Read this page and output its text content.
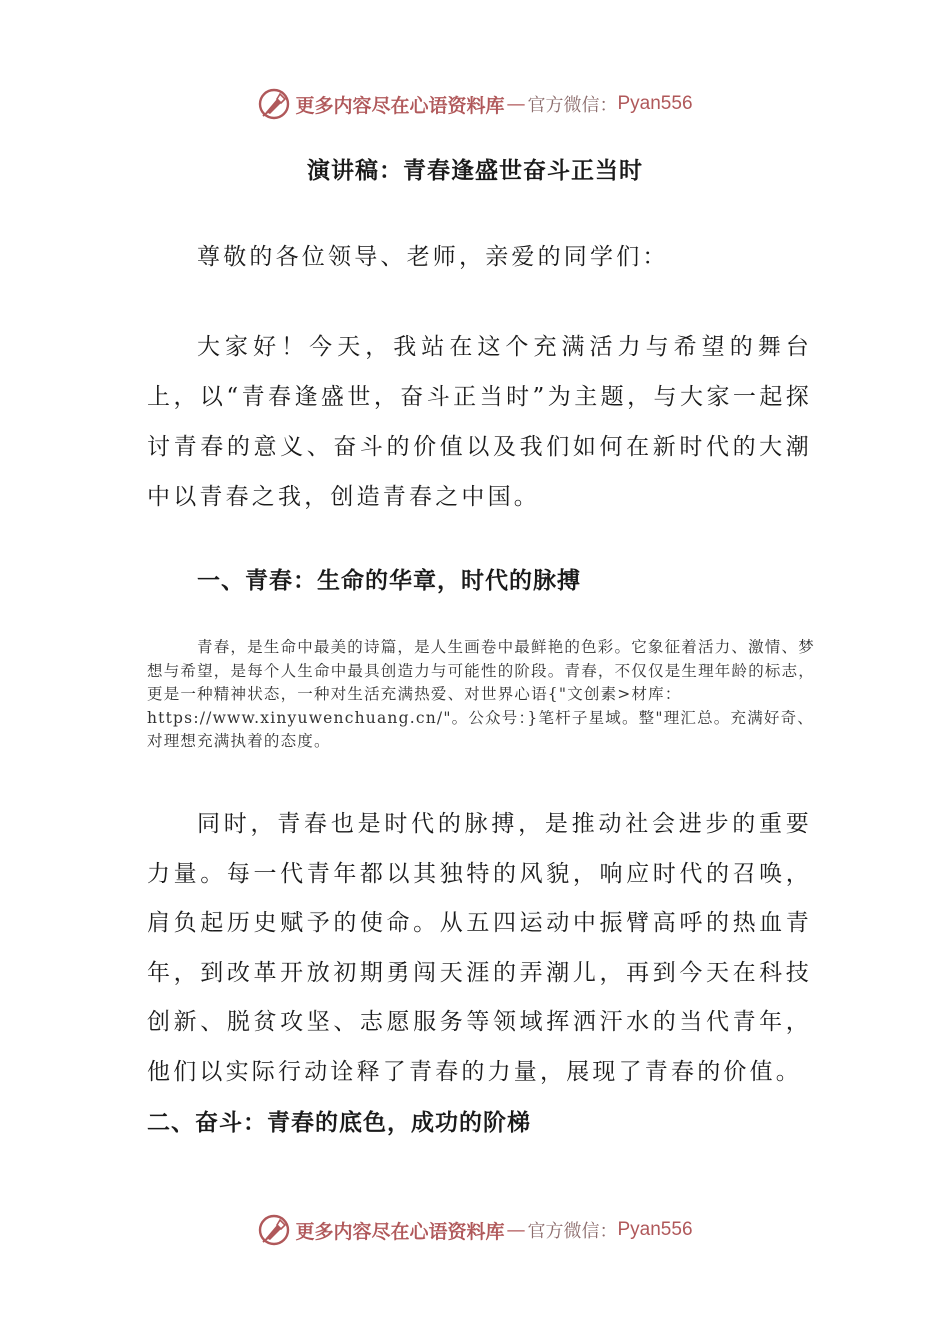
更多内容尽在心语资料库 — 官方微信： Pyan556
演讲稿：青春逢盛世奋斗正当时

尊敬的各位领导、老师，亲爱的同学们：

大家好！今天，我站在这个充满活力与希望的舞台上，以“青春逢盛世，奋斗正当时”为主题，与大家一起探讨青春的意义、奋斗的价值以及我们如何在新时代的大潮中以青春之我，创造青春之中国。

一、青春：生命的华章，时代的脉搏

青春，是生命中最美的诗篇，是人生画卷中最鲜艳的色彩。它象征着活力、激情、梦想与希望，是每个人生命中最具创造力与可能性的阶段。青春，不仅仅是生理年龄的标志，更是一种精神状态，一种对生活充满热爱、对世界心语{"文创素>材库：https://www.xinyuwenchuang.cn/"。公众号：}笔杆子星域。整"理汇总。充满好奇、对理想充满执着的态度。

同时，青春也是时代的脉搏，是推动社会进步的重要力量。每一代青年都以其独特的风貌，响应时代的召唤，肩负起历史赋予的使命。从五四运动中振臂高呼的热血青年，到改革开放初期勇闯天涯的弄潮儿，再到今天在科技创新、脱贫攻坚、志愿服务等领域挥洒汗水的当代青年，他们以实际行动诠释了青春的力量，展现了青春的价值。

二、奋斗：青春的底色，成功的阶梯
更多内容尽在心语资料库 — 官方微信： Pyan556
